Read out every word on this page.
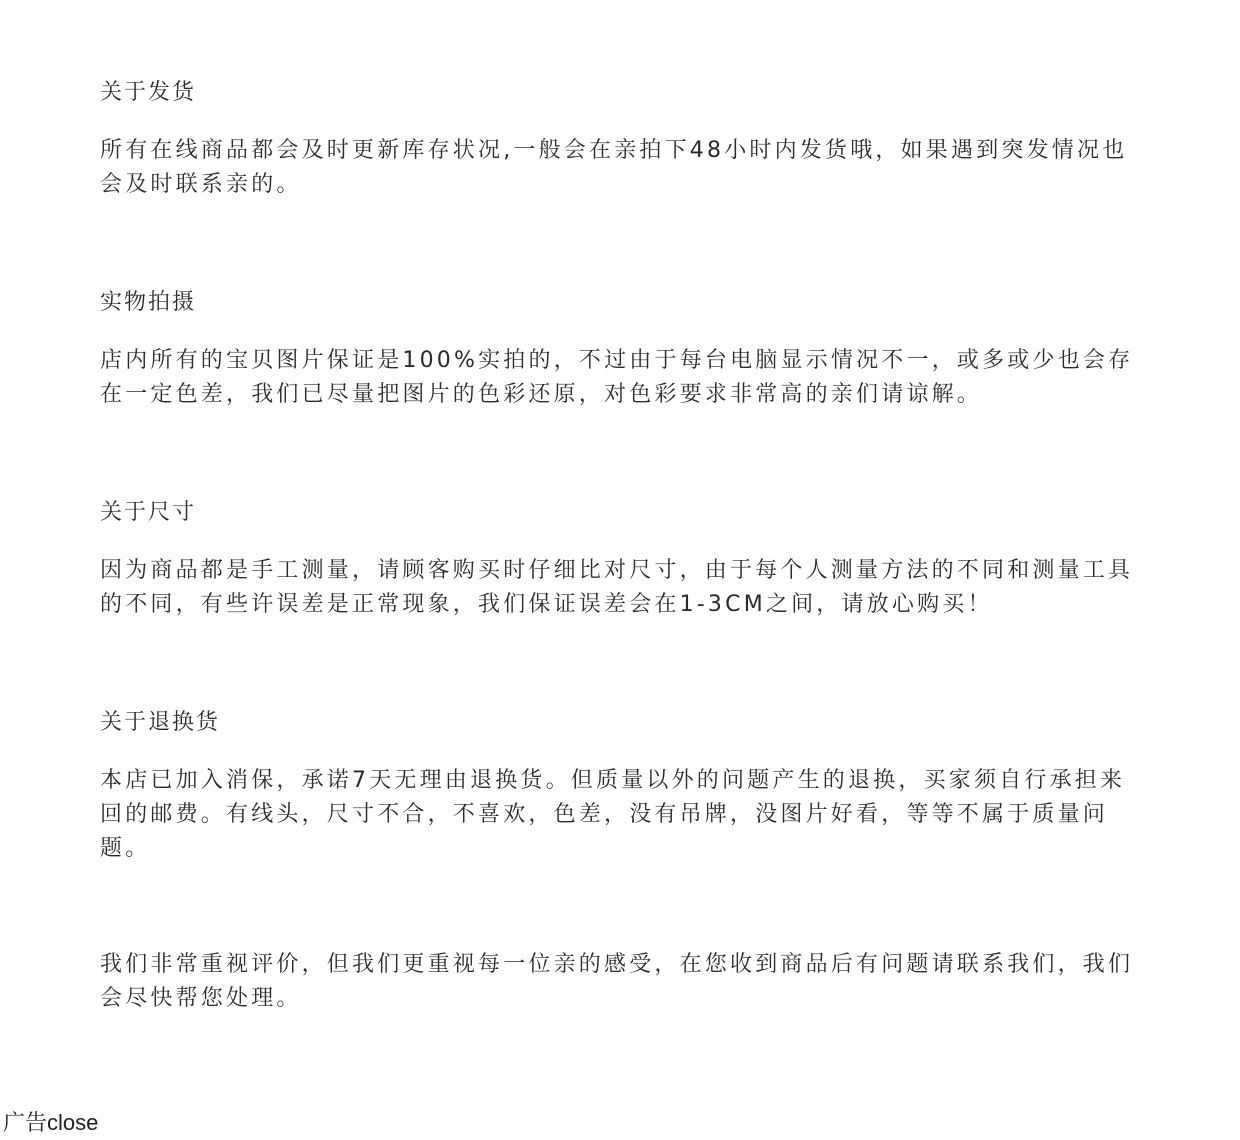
关于发货

所有在线商品都会及时更新库存状况,一般会在亲拍下48小时内发货哦，如果遇到突发情况也会及时联系亲的。

实物拍摄

店内所有的宝贝图片保证是100%实拍的，不过由于每台电脑显示情况不一，或多或少也会存在一定色差，我们已尽量把图片的色彩还原，对色彩要求非常高的亲们请谅解。

关于尺寸

因为商品都是手工测量，请顾客购买时仔细比对尺寸，由于每个人测量方法的不同和测量工具的不同，有些许误差是正常现象，我们保证误差会在1-3CM之间，请放心购买！

关于退换货

本店已加入消保，承诺7天无理由退换货。但质量以外的问题产生的退换，买家须自行承担来回的邮费。有线头，尺寸不合，不喜欢，色差，没有吊牌，没图片好看，等等不属于质量问题。

我们非常重视评价，但我们更重视每一位亲的感受，在您收到商品后有问题请联系我们，我们会尽快帮您处理。

广告close
